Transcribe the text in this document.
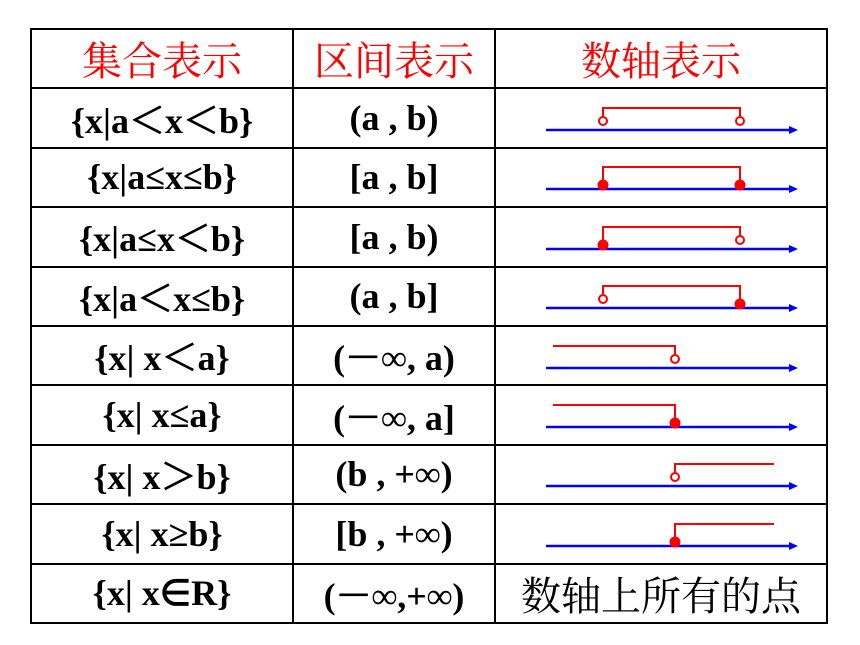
集合表示	区间表示	数轴表示
{x|a＜x＜b}	(a , b)	

{x|a≤x≤b}	[a , b]	

{x|a≤x＜b}	[a , b)	

{x|a＜x≤b}	(a , b]	

{x| x＜a}	(－∞, a)	

{x| x≤a}	(－∞, a]	

{x| x＞b}	(b , +∞)	

{x| x≥b}	[b , +∞)	

{x| x∈R}	(－∞,+∞)	数轴上所有的点
